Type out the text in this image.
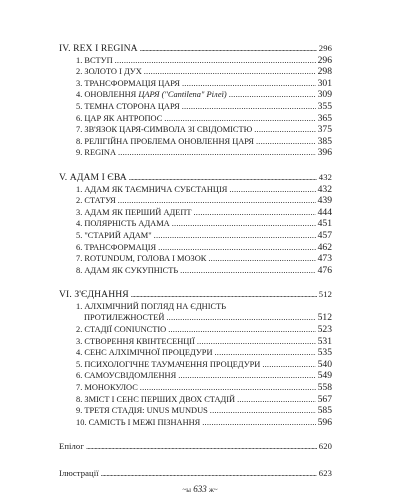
IV. REX I REGINA .....	296
1. ВСТУП .....	296
2. ЗОЛОТО І ДУХ .....	298
3. ТРАНСФОРМАЦІЯ ЦАРЯ .....	301
4. ОНОВЛЕННЯ ЦАРЯ ("Cantilena" Рілеї) .....	309
5. ТЕМНА СТОРОНА ЦАРЯ .....	355
6. ЦАР ЯК АНТРОПОС .....	365
7. ЗВ'ЯЗОК ЦАРЯ-СИМВОЛА ЗІ СВІДОМІСТЮ .....	375
8. РЕЛІГІЙНА ПРОБЛЕМА ОНОВЛЕННЯ ЦАРЯ .....	385
9. REGINA .....	396
V. АДАМ І ЄВА .....	432
1. АДАМ ЯК ТАЄМНИЧА СУБСТАНЦІЯ .....	432
2. СТАТУЯ .....	439
3. АДАМ ЯК ПЕРШИЙ АДЕПТ .....	444
4. ПОЛЯРНІСТЬ АДАМА .....	451
5. "СТАРИЙ АДАМ" .....	457
6. ТРАНСФОРМАЦІЯ .....	462
7. ROTUNDUM, ГОЛОВА І МОЗОК .....	473
8. АДАМ ЯК СУКУПНІСТЬ .....	476
VI. З'ЄДНАННЯ .....	512
1. АЛХІМІЧНИЙ ПОГЛЯД НА ЄДНІСТЬ
ПРОТИЛЕЖНОСТЕЙ .....	512
2. СТАДІЇ CONIUNCTIO .....	523
3. СТВОРЕННЯ КВІНТЕСЕНЦІЇ .....	531
4. СЕНС АЛХІМІЧНОЇ ПРОЦЕДУРИ .....	535
5. ПСИХОЛОГІЧНЕ ТАУМАЧЕННЯ ПРОЦЕДУРИ .....	540
6. САМОУСВІДОМЛЕННЯ .....	549
7. МОНОКУЛОС .....	558
8. ЗМІСТ І СЕНС ПЕРШИХ ДВОХ СТАДІЙ .....	567
9. ТРЕТЯ СТАДІЯ: UNUS MUNDUS .....	585
10. САМІСТЬ І МЕЖІ ПІЗНАННЯ .....	596
Епілог .....	620
Ілюстрації .....	623
~ы 633 ж~
